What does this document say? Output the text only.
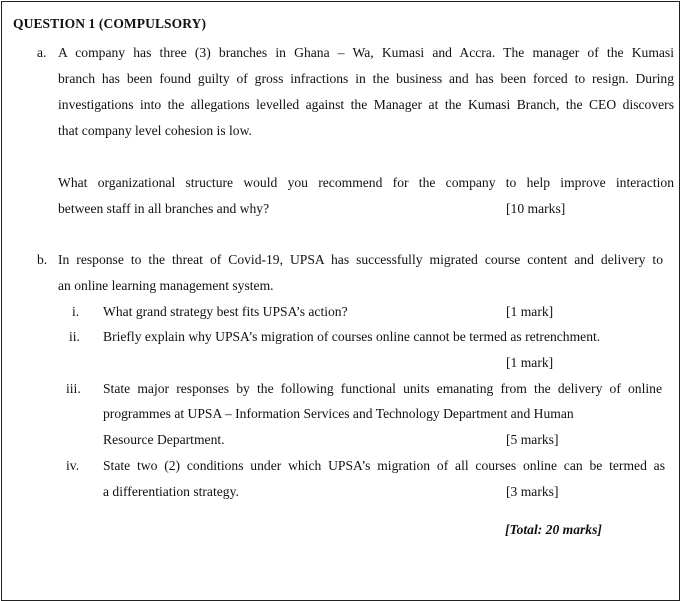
QUESTION 1 (COMPULSORY)
a. A company has three (3) branches in Ghana – Wa, Kumasi and Accra. The manager of the Kumasi
branch has been found guilty of gross infractions in the business and has been forced to resign. During
investigations into the allegations levelled against the Manager at the Kumasi Branch, the CEO discovers
that company level cohesion is low.
What organizational structure would you recommend for the company to help improve interaction
between staff in all branches and why?	[10 marks]
b. In response to the threat of Covid-19, UPSA has successfully migrated course content and delivery to
an online learning management system.
i. What grand strategy best fits UPSA’s action?	[1 mark]
ii. Briefly explain why UPSA’s migration of courses online cannot be termed as retrenchment.
[1 mark]
iii. State major responses by the following functional units emanating from the delivery of online
programmes at UPSA – Information Services and Technology Department and Human
Resource Department.	[5 marks]
iv. State two (2) conditions under which UPSA’s migration of all courses online can be termed as
a differentiation strategy.	[3 marks]
[Total: 20 marks]
